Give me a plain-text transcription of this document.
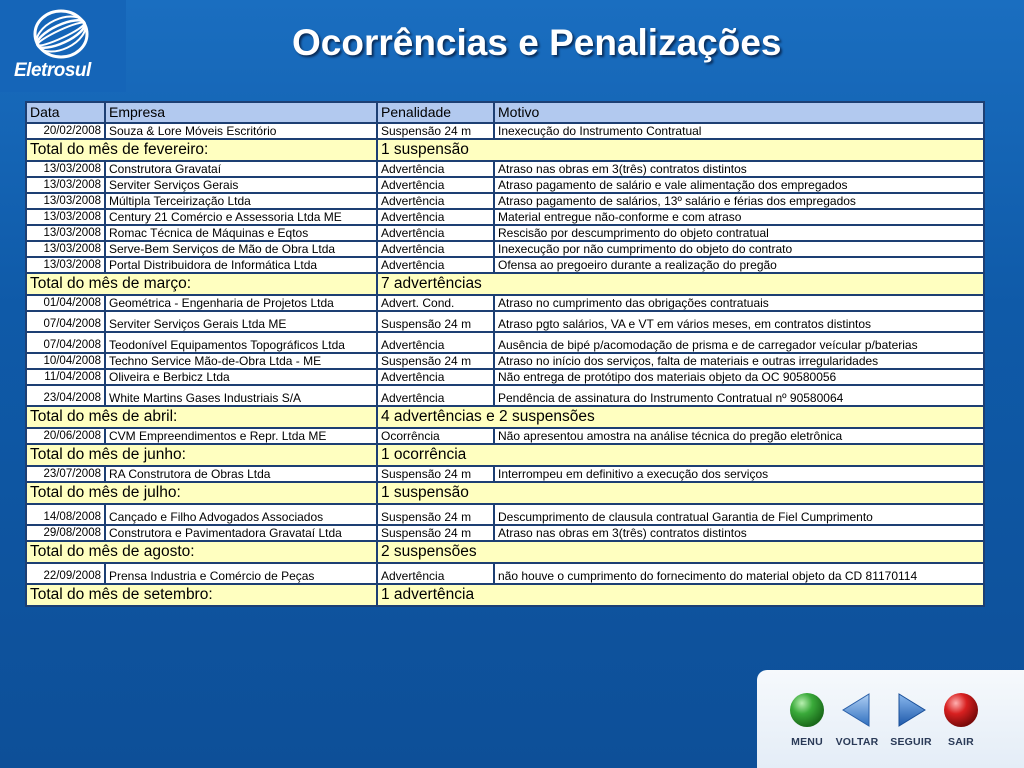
Eletrosul
Ocorrências e Penalizações
Data	Empresa	Penalidade	Motivo
20/02/2008	Souza & Lore Móveis Escritório	Suspensão 24 m	Inexecução do Instrumento Contratual
Total do mês de fevereiro:		1 suspensão	
13/03/2008	Construtora Gravataí	Advertência	Atraso nas obras em 3(três) contratos distintos
13/03/2008	Serviter Serviços Gerais	Advertência	Atraso pagamento de salário e vale alimentação dos empregados
13/03/2008	Múltipla Terceirização Ltda	Advertência	Atraso pagamento de salários, 13º salário e férias dos empregados
13/03/2008	Century 21 Comércio e Assessoria Ltda ME	Advertência	Material entregue não-conforme e com atraso
13/03/2008	Romac Técnica de Máquinas e Eqtos	Advertência	Rescisão por descumprimento do objeto contratual
13/03/2008	Serve-Bem Serviços de Mão de Obra Ltda	Advertência	Inexecução por não cumprimento do objeto do contrato
13/03/2008	Portal Distribuidora de Informática Ltda	Advertência	Ofensa ao pregoeiro durante a realização do pregão
Total do mês de março:		7 advertências	
01/04/2008	Geométrica - Engenharia de Projetos Ltda	Advert. Cond.	Atraso no cumprimento das obrigações contratuais
07/04/2008	Serviter Serviços Gerais Ltda ME	Suspensão 24 m	Atraso pgto salários, VA e VT em vários meses, em contratos distintos
07/04/2008	Teodonível Equipamentos Topográficos Ltda	Advertência	Ausência de bipé p/acomodação de prisma e de carregador veícular p/baterias
10/04/2008	Techno Service Mão-de-Obra Ltda - ME	Suspensão 24 m	Atraso no início dos serviços, falta de materiais e outras irregularidades
11/04/2008	Oliveira e Berbicz Ltda	Advertência	Não entrega de protótipo dos materiais objeto da OC 90580056
23/04/2008	White Martins Gases Industriais S/A	Advertência	Pendência de assinatura do Instrumento Contratual nº 90580064
Total do mês de abril:		4 advertências e 2 suspensões	
20/06/2008	CVM Empreendimentos e Repr. Ltda ME	Ocorrência	Não apresentou amostra na análise técnica do pregão eletrônica
Total do mês de junho:		1 ocorrência	
23/07/2008	RA Construtora de Obras Ltda	Suspensão 24 m	Interrompeu em definitivo a execução dos serviços
Total do mês de julho:		1 suspensão	
14/08/2008	Cançado e Filho Advogados Associados	Suspensão 24 m	Descumprimento de clausula contratual Garantia de Fiel Cumprimento
29/08/2008	Construtora e Pavimentadora Gravataí Ltda	Suspensão 24 m	Atraso nas obras em 3(três) contratos distintos
Total do mês de agosto:		2 suspensões	
22/09/2008	Prensa Industria e Comércio de Peças	Advertência	não houve o cumprimento do fornecimento do material objeto da CD 81170114
Total do mês de setembro:		1 advertência	
MENU	VOLTAR	SEGUIR	SAIR
